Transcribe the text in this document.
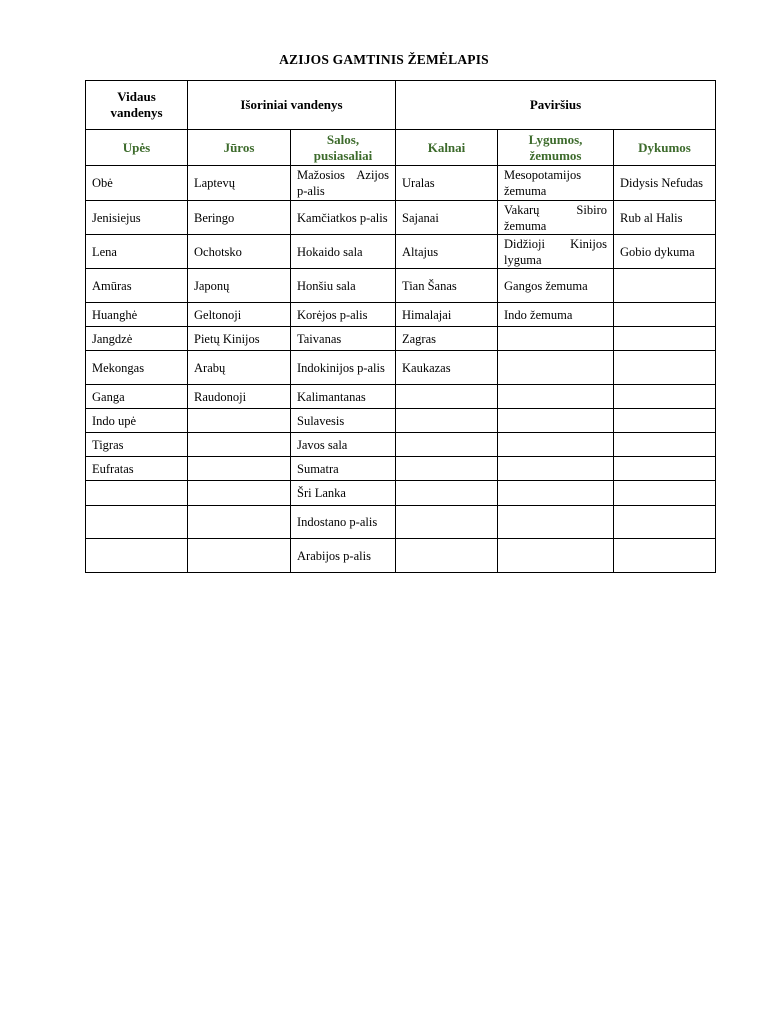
AZIJOS GAMTINIS ŽEMĖLAPIS
Vidaus vandenys	Išoriniai vandenys		Paviršius		
Upės	Jūros	Salos, pusiasaliai	Kalnai	Lygumos, žemumos	Dykumos
Obė	Laptevų	Mažosios Azijos p-alis	Uralas	Mesopotamijos žemuma	Didysis Nefudas
Jenisiejus	Beringo	Kamčiatkos p-alis	Sajanai	Vakarų Sibiro žemuma	Rub al Halis
Lena	Ochotsko	Hokaido sala	Altajus	Didžioji Kinijos lyguma	Gobio dykuma
Amūras	Japonų	Honšiu sala	Tian Šanas	Gangos žemuma	
Huanghė	Geltonoji	Korėjos p-alis	Himalajai	Indo žemuma	
Jangdzė	Pietų Kinijos	Taivanas	Zagras		
Mekongas	Arabų	Indokinijos p-alis	Kaukazas		
Ganga	Raudonoji	Kalimantanas			
Indo upė		Sulavesis			
Tigras		Javos sala			
Eufratas		Sumatra			
		Šri Lanka			
		Indostano p-alis			
		Arabijos p-alis			
